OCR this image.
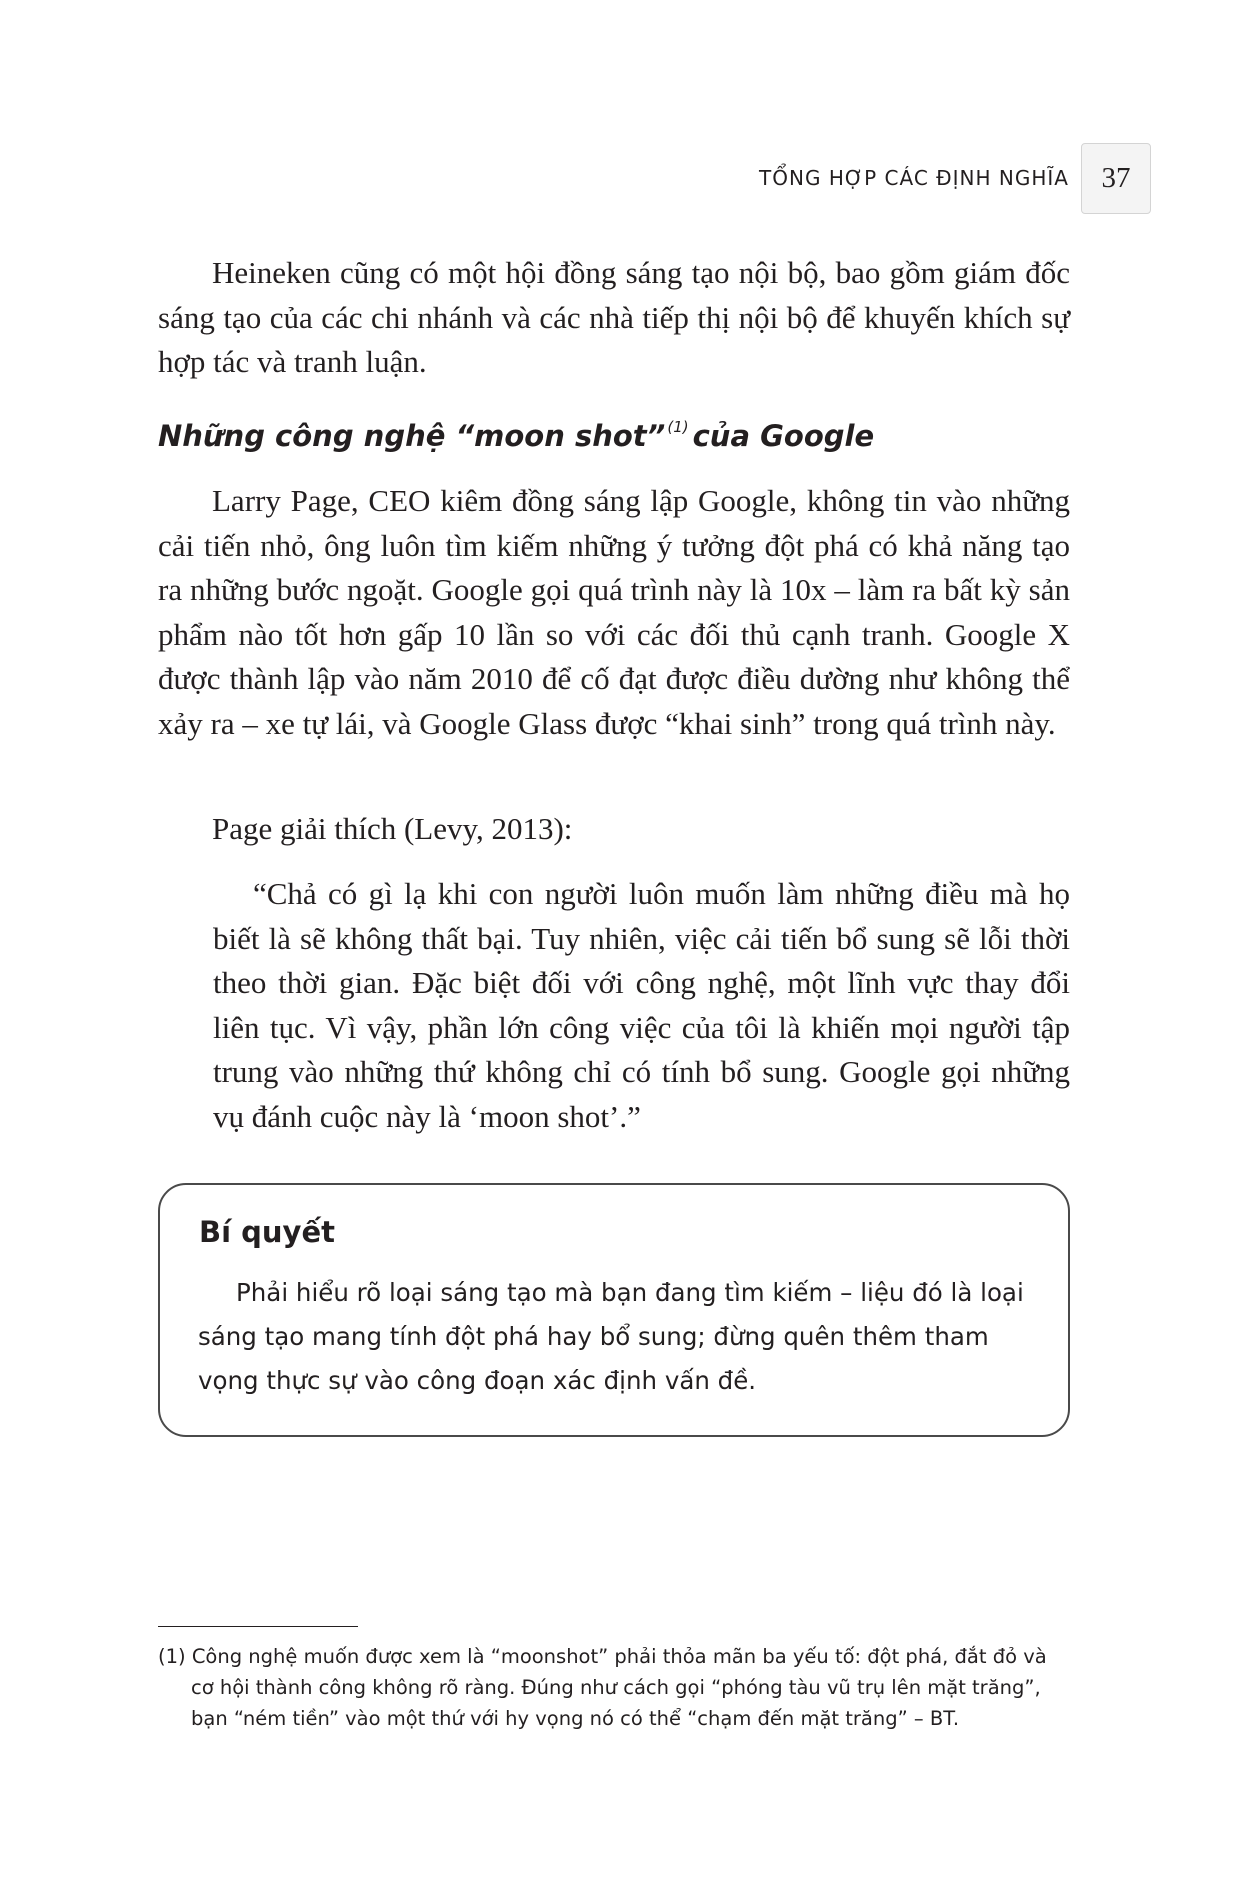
TỔNG HỢP CÁC ĐỊNH NGHĨA	37

Heineken cũng có một hội đồng sáng tạo nội bộ, bao gồm giám đốc sáng tạo của các chi nhánh và các nhà tiếp thị nội bộ để khuyến khích sự hợp tác và tranh luận.

Những công nghệ “moon shot” $^{(1)}$ của Google

Larry Page, CEO kiêm đồng sáng lập Google, không tin vào những cải tiến nhỏ, ông luôn tìm kiếm những ý tưởng đột phá có khả năng tạo ra những bước ngoặt. Google gọi quá trình này là 10x – làm ra bất kỳ sản phẩm nào tốt hơn gấp 10 lần so với các đối thủ cạnh tranh. Google X được thành lập vào năm 2010 để cố đạt được điều dường như không thể xảy ra – xe tự lái, và Google Glass được “khai sinh” trong quá trình này.

Page giải thích (Levy, 2013):

“Chả có gì lạ khi con người luôn muốn làm những điều mà họ biết là sẽ không thất bại. Tuy nhiên, việc cải tiến bổ sung sẽ lỗi thời theo thời gian. Đặc biệt đối với công nghệ, một lĩnh vực thay đổi liên tục. Vì vậy, phần lớn công việc của tôi là khiến mọi người tập trung vào những thứ không chỉ có tính bổ sung. Google gọi những vụ đánh cuộc này là ‘moon shot’.”

Bí quyết

Phải hiểu rõ loại sáng tạo mà bạn đang tìm kiếm – liệu đó là loại sáng tạo mang tính đột phá hay bổ sung; đừng quên thêm tham vọng thực sự vào công đoạn xác định vấn đề.

(1) Công nghệ muốn được xem là “moonshot” phải thỏa mãn ba yếu tố: đột phá, đắt đỏ và cơ hội thành công không rõ ràng. Đúng như cách gọi “phóng tàu vũ trụ lên mặt trăng”, bạn “ném tiền” vào một thứ với hy vọng nó có thể “chạm đến mặt trăng” – BT.
